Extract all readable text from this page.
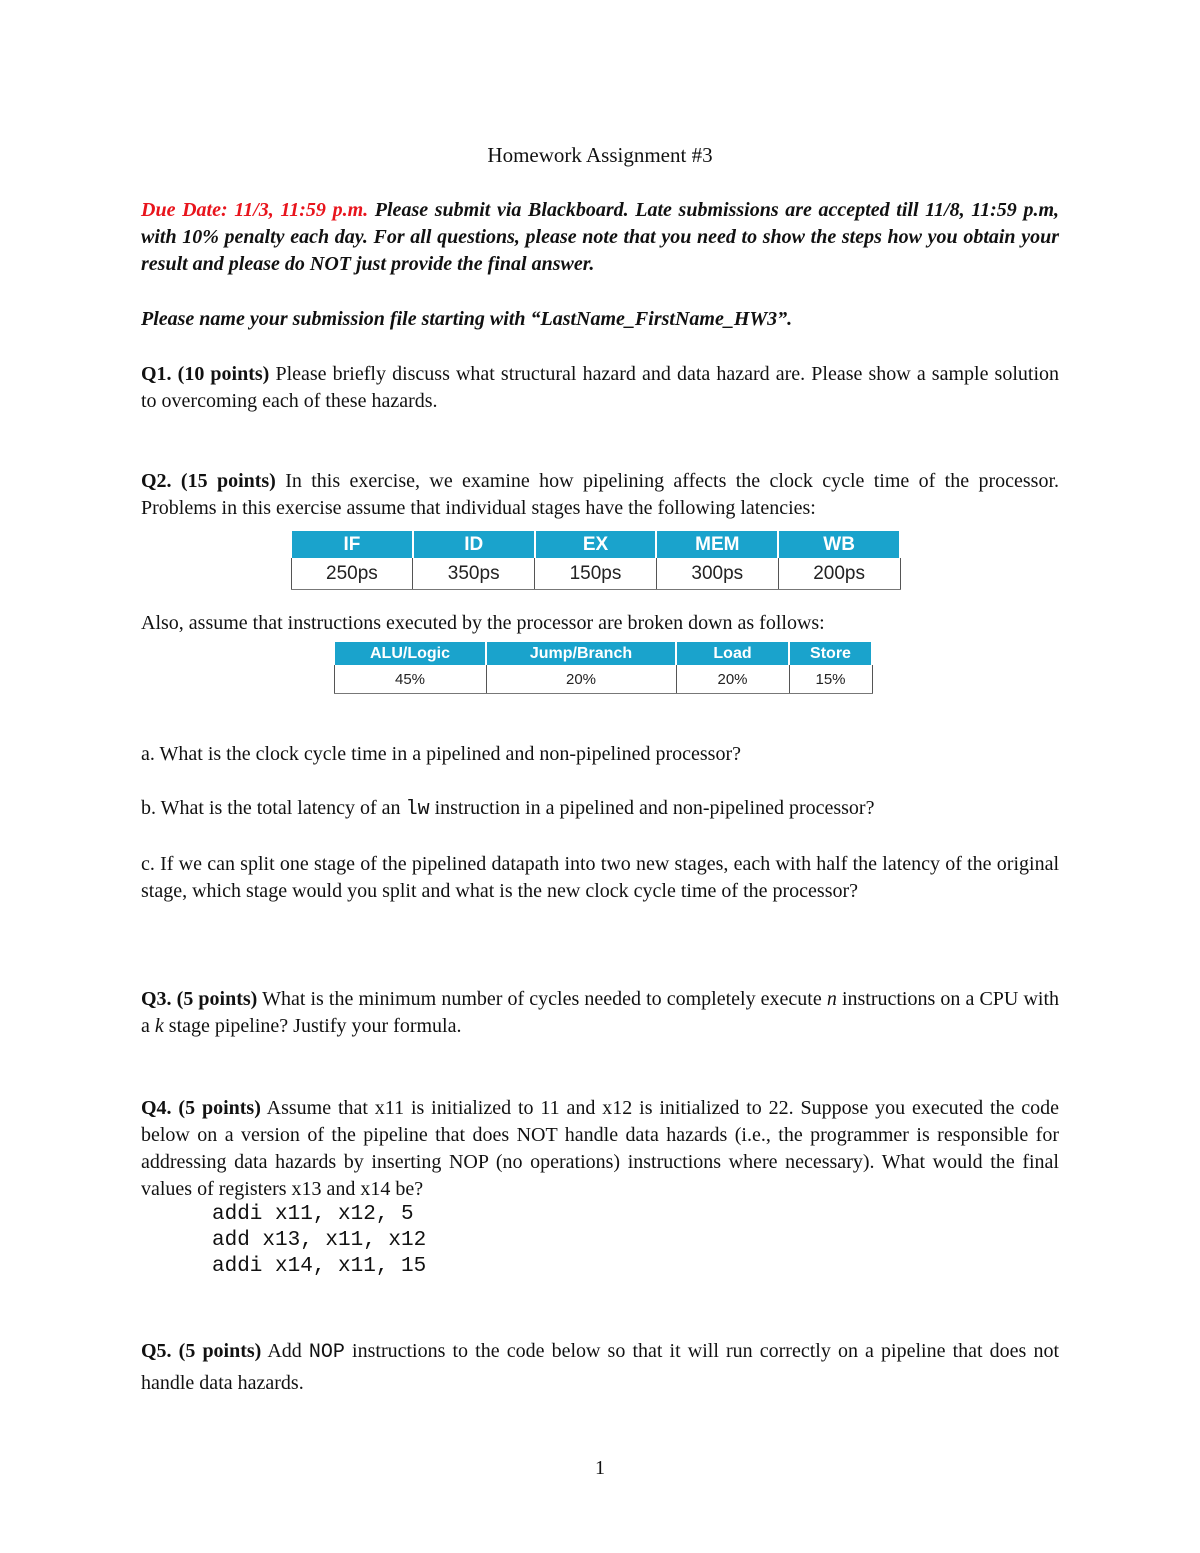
Homework Assignment #3
Due Date: 11/3, 11:59 p.m. Please submit via Blackboard. Late submissions are accepted till 11/8, 11:59 p.m, with 10% penalty each day. For all questions, please note that you need to show the steps how you obtain your result and please do NOT just provide the final answer.
Please name your submission file starting with “LastName_FirstName_HW3”.
Q1. (10 points) Please briefly discuss what structural hazard and data hazard are. Please show a sample solution to overcoming each of these hazards.
Q2. (15 points) In this exercise, we examine how pipelining affects the clock cycle time of the processor. Problems in this exercise assume that individual stages have the following latencies:
IF	ID	EX	MEM	WB
250ps	350ps	150ps	300ps	200ps
Also, assume that instructions executed by the processor are broken down as follows:
ALU/Logic	Jump/Branch	Load	Store
45%	20%	20%	15%
a. What is the clock cycle time in a pipelined and non-pipelined processor?
b. What is the total latency of an lw instruction in a pipelined and non-pipelined processor?
c. If we can split one stage of the pipelined datapath into two new stages, each with half the latency of the original stage, which stage would you split and what is the new clock cycle time of the processor?
Q3. (5 points) What is the minimum number of cycles needed to completely execute n instructions on a CPU with a k stage pipeline? Justify your formula.
Q4. (5 points) Assume that x11 is initialized to 11 and x12 is initialized to 22. Suppose you executed the code below on a version of the pipeline that does NOT handle data hazards (i.e., the programmer is responsible for addressing data hazards by inserting NOP (no operations) instructions where necessary). What would the final values of registers x13 and x14 be?
addi x11, x12, 5
add x13, x11, x12
addi x14, x11, 15
Q5. (5 points) Add NOP instructions to the code below so that it will run correctly on a pipeline that does not handle data hazards.
1
